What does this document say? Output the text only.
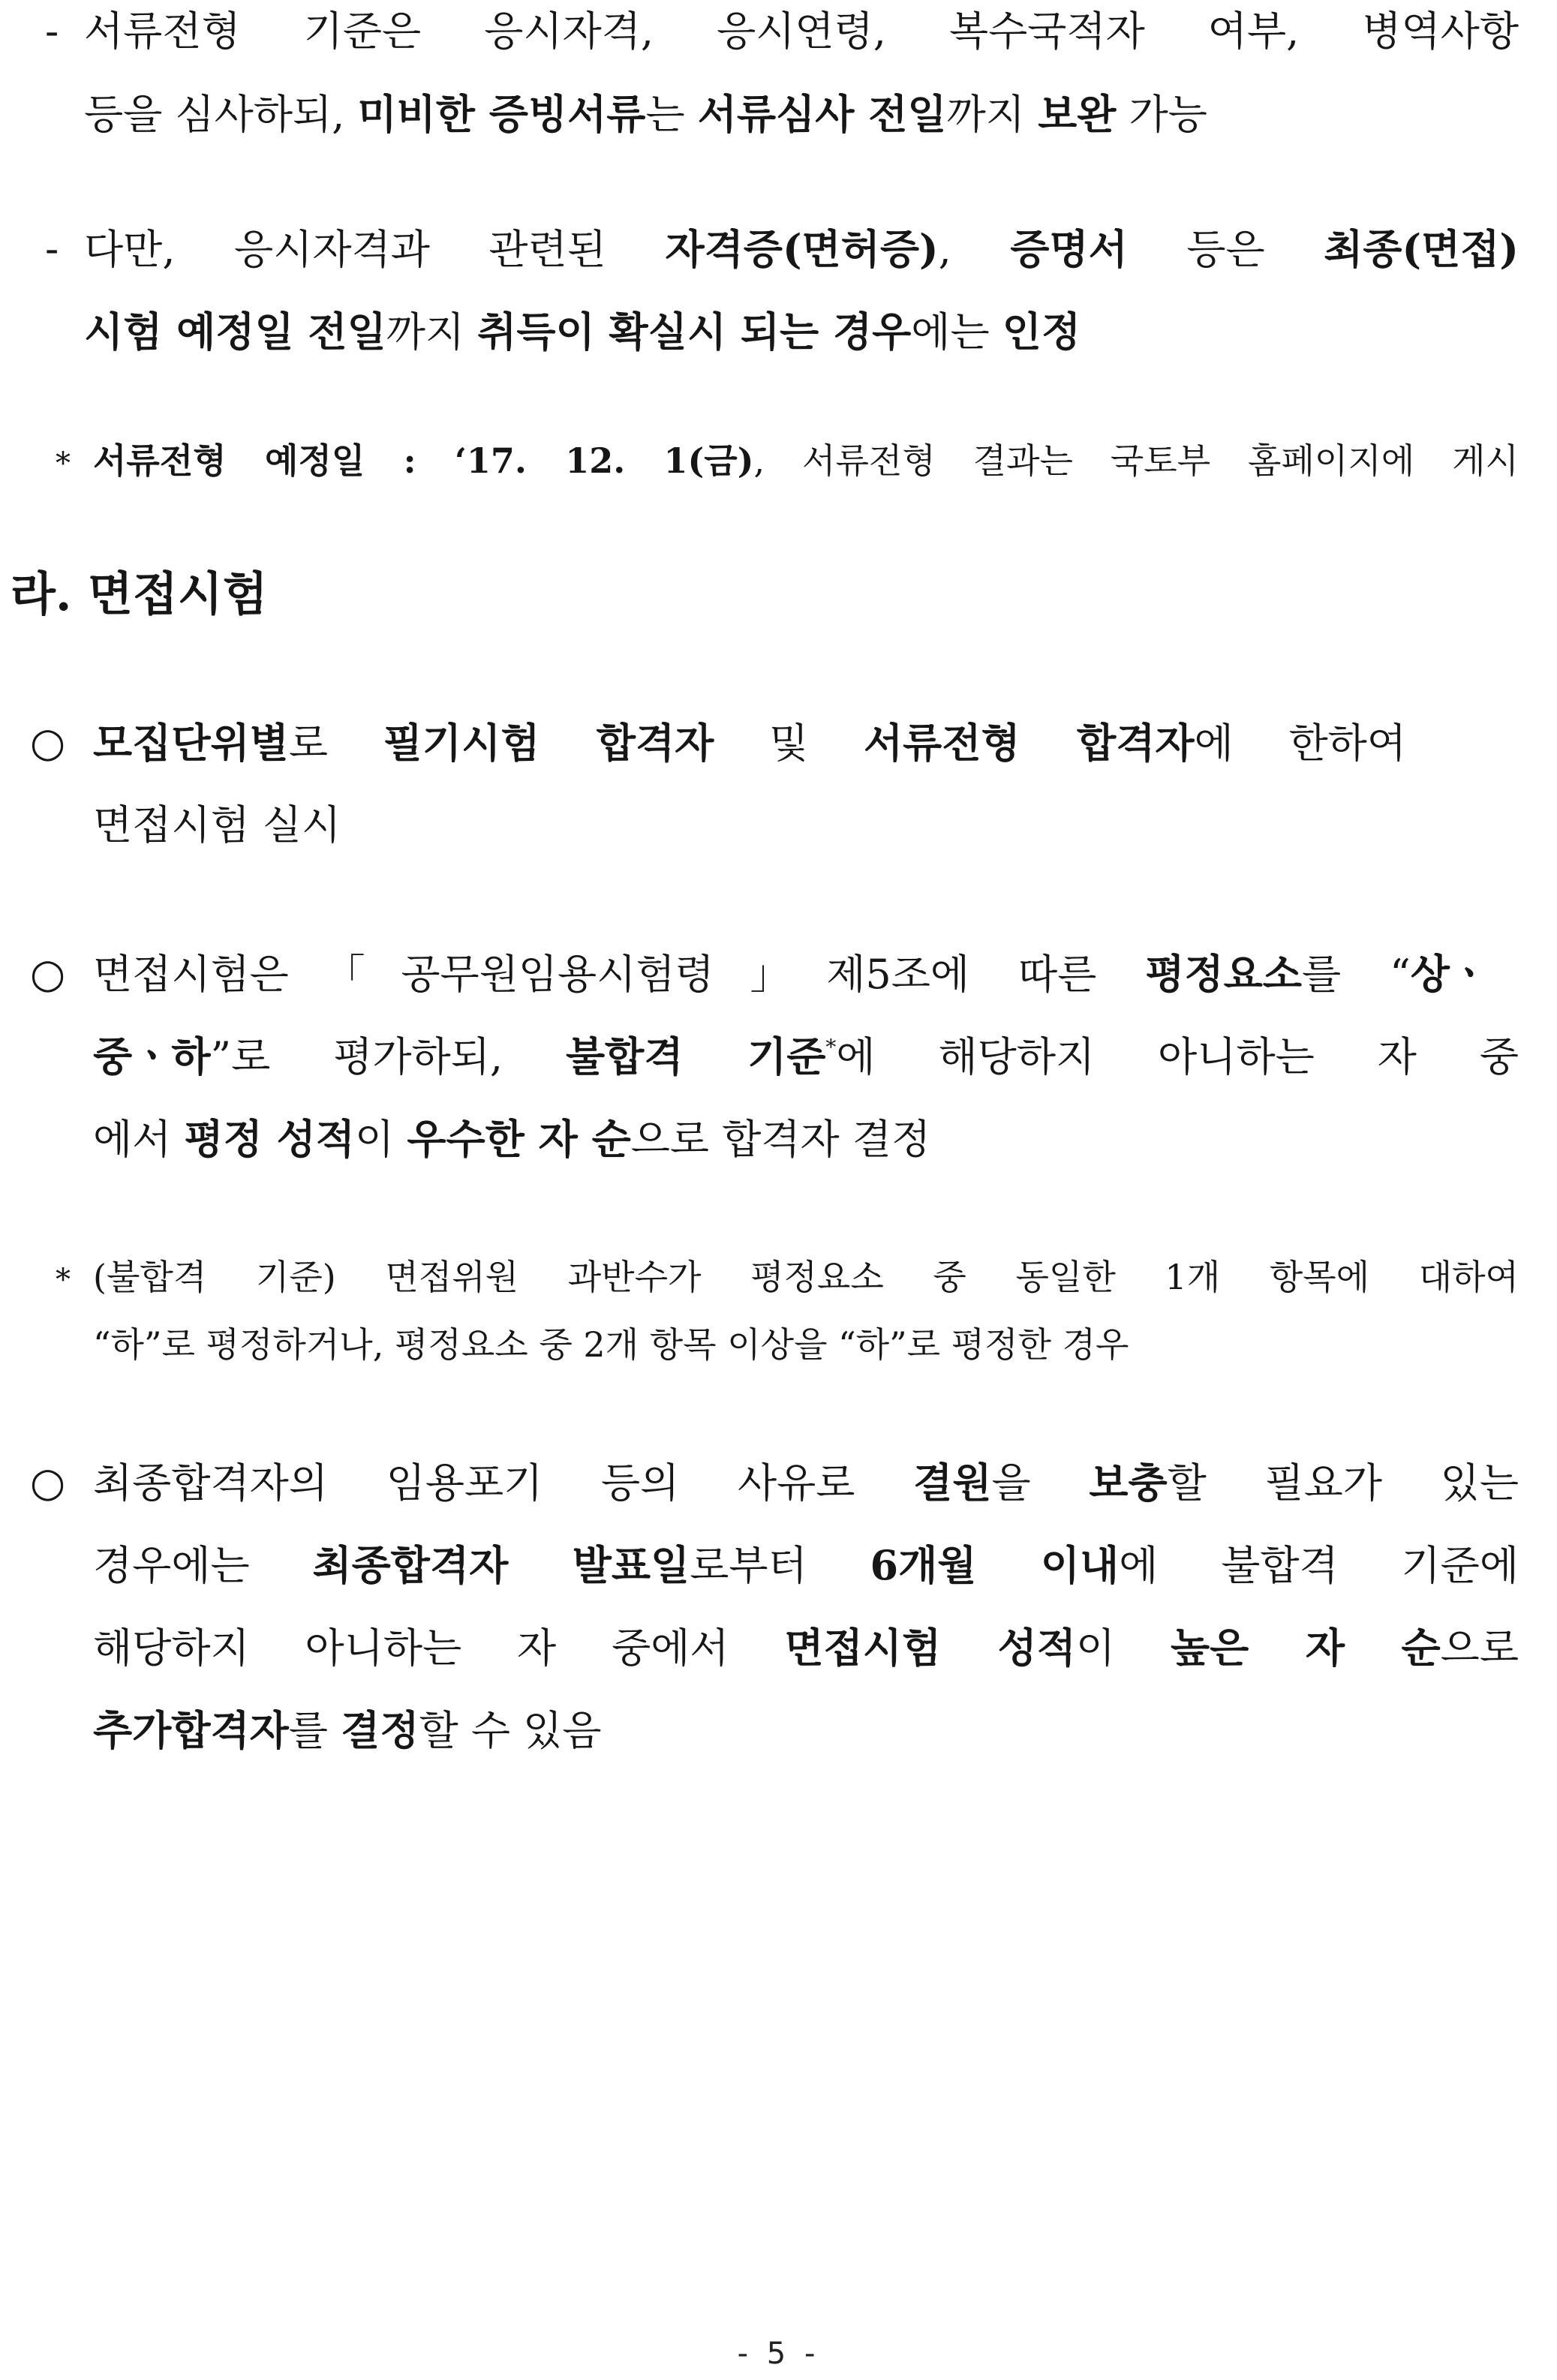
- 서류전형 기준은 응시자격, 응시연령, 복수국적자 여부, 병역사항
등을 심사하되, 미비한 증빙서류는 서류심사 전일까지 보완 가능
- 다만, 응시자격과 관련된 자격증(면허증), 증명서 등은 최종(면접)
시험 예정일 전일까지 취득이 확실시 되는 경우에는 인정
* 서류전형 예정일 : ‘17. 12. 1(금), 서류전형 결과는 국토부 홈페이지에 게시
라. 면접시험
○ 모집단위별로 필기시험 합격자 및 서류전형 합격자에 한하여
면접시험 실시
○ 면접시험은「공무원임용시험령」제5조에 따른 평정요소를 “상ㆍ
중ㆍ하”로 평가하되, 불합격 기준*에 해당하지 아니하는 자 중
에서 평정 성적이 우수한 자 순으로 합격자 결정
* (불합격 기준) 면접위원 과반수가 평정요소 중 동일한 1개 항목에 대하여
“하”로 평정하거나, 평정요소 중 2개 항목 이상을 “하”로 평정한 경우
○ 최종합격자의 임용포기 등의 사유로 결원을 보충할 필요가 있는
경우에는 최종합격자 발표일로부터 6개월 이내에 불합격 기준에
해당하지 아니하는 자 중에서 면접시험 성적이 높은 자 순으로
추가합격자를 결정할 수 있음
- 5 -
